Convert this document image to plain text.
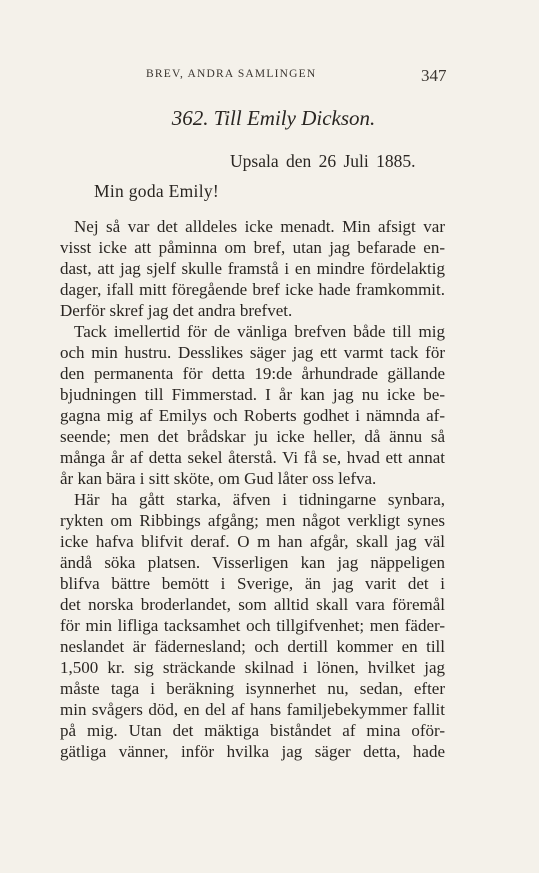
BREV, ANDRA SAMLINGEN	347
362. Till Emily Dickson.
Upsala den 26 Juli 1885.
Min goda Emily!
Nej så var det alldeles icke menadt. Min afsigt var
visst icke att påminna om bref, utan jag befarade en-
dast, att jag sjelf skulle framstå i en mindre fördelaktig
dager, ifall mitt föregående bref icke hade framkommit.
Derför skref jag det andra brefvet.
Tack imellertid för de vänliga brefven både till mig
och min hustru. Desslikes säger jag ett varmt tack för
den permanenta för detta 19:de århundrade gällande
bjudningen till Fimmerstad. I år kan jag nu icke be-
gagna mig af Emilys och Roberts godhet i nämnda af-
seende; men det brådskar ju icke heller, då ännu så
många år af detta sekel återstå. Vi få se, hvad ett annat
år kan bära i sitt sköte, om Gud låter oss lefva.
Här ha gått starka, äfven i tidningarne synbara,
rykten om Ribbings afgång; men något verkligt synes
icke hafva blifvit deraf. O m han afgår, skall jag väl
ändå söka platsen. Visserligen kan jag näppeligen
blifva bättre bemött i Sverige, än jag varit det i
det norska broderlandet, som alltid skall vara föremål
för min lifliga tacksamhet och tillgifvenhet; men fäder-
neslandet är fädernesland; och dertill kommer en till
1,500 kr. sig sträckande skilnad i lönen, hvilket jag
måste taga i beräkning isynnerhet nu, sedan, efter
min svågers död, en del af hans familjebekymmer fallit
på mig. Utan det mäktiga biståndet af mina oför-
gätliga vänner, inför hvilka jag säger detta, hade
